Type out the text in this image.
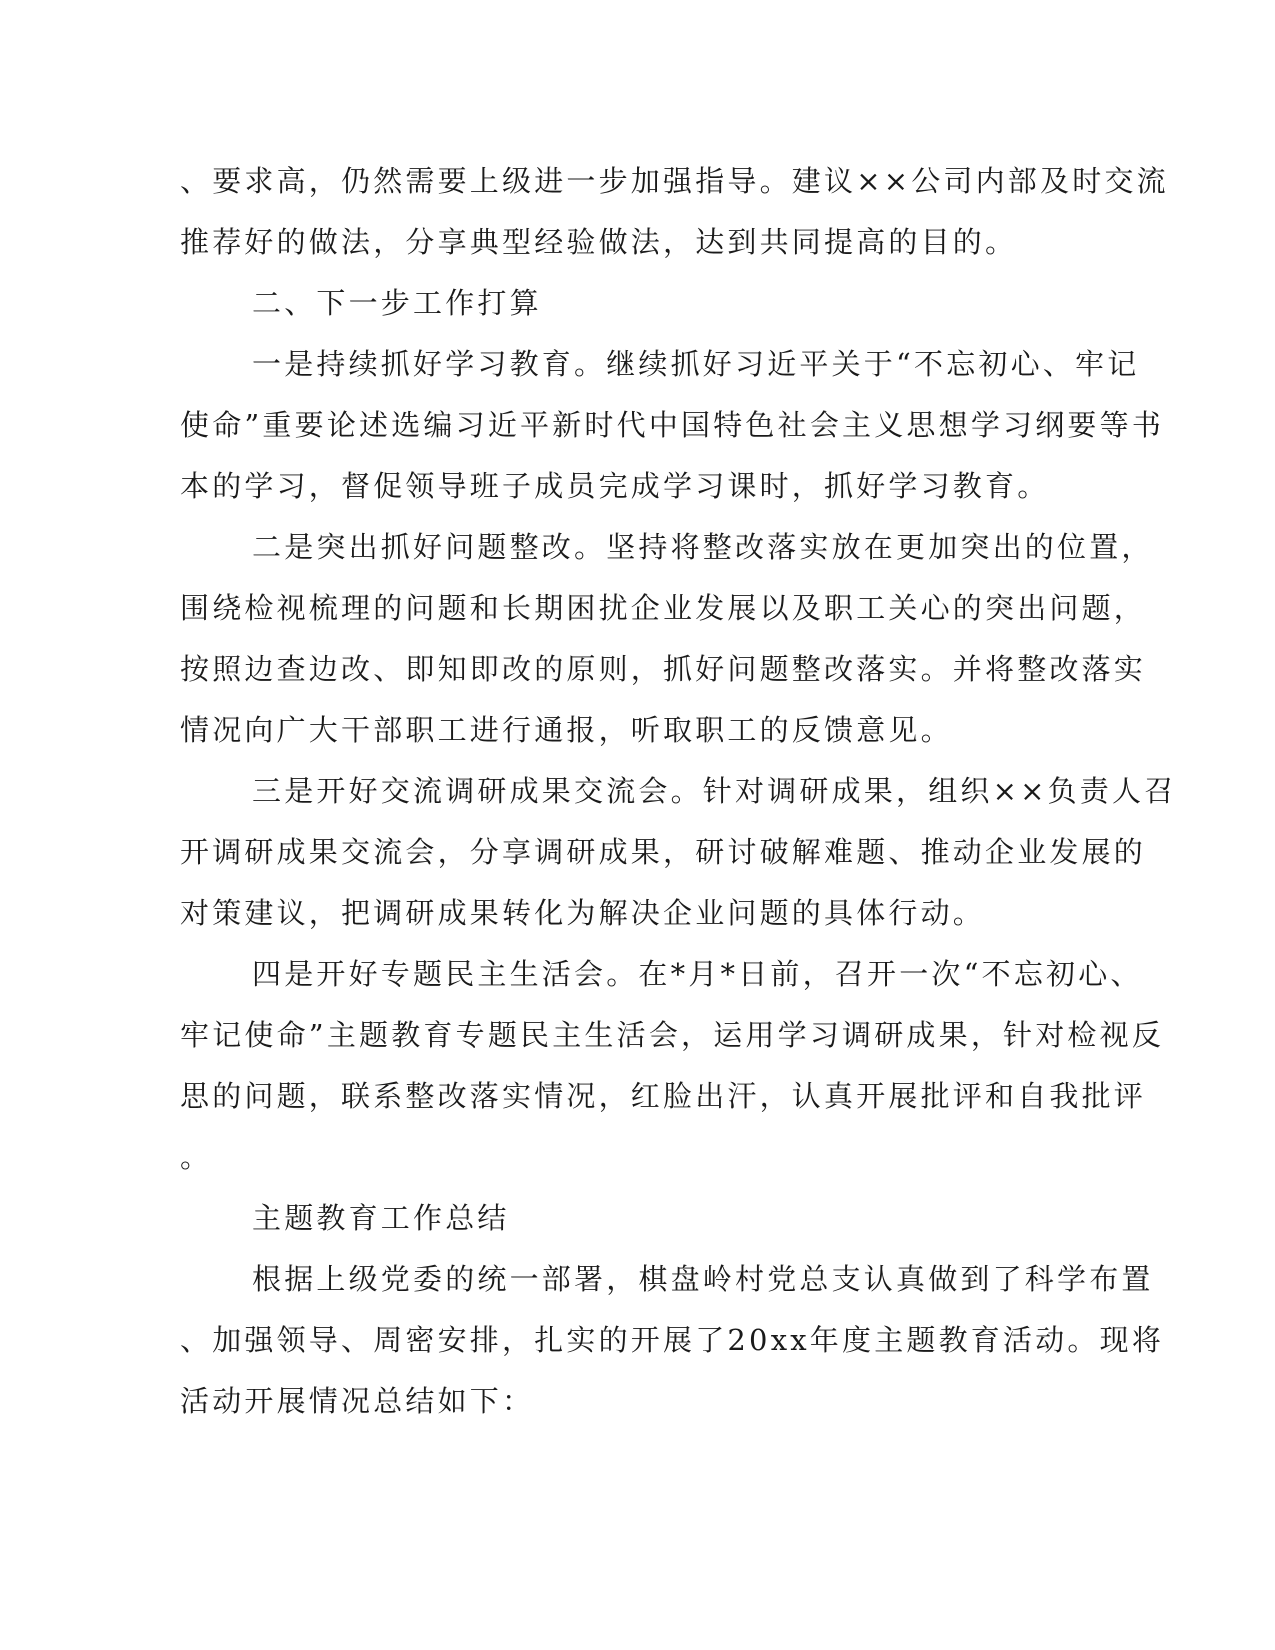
、要求高，仍然需要上级进一步加强指导。建议××公司内部及时交流
推荐好的做法，分享典型经验做法，达到共同提高的目的。
二、下一步工作打算
一是持续抓好学习教育。继续抓好习近平关于“不忘初心、牢记
使命”重要论述选编习近平新时代中国特色社会主义思想学习纲要等书
本的学习，督促领导班子成员完成学习课时，抓好学习教育。
二是突出抓好问题整改。坚持将整改落实放在更加突出的位置，
围绕检视梳理的问题和长期困扰企业发展以及职工关心的突出问题，
按照边查边改、即知即改的原则，抓好问题整改落实。并将整改落实
情况向广大干部职工进行通报，听取职工的反馈意见。
三是开好交流调研成果交流会。针对调研成果，组织××负责人召
开调研成果交流会，分享调研成果，研讨破解难题、推动企业发展的
对策建议，把调研成果转化为解决企业问题的具体行动。
四是开好专题民主生活会。在*月*日前，召开一次“不忘初心、
牢记使命”主题教育专题民主生活会，运用学习调研成果，针对检视反
思的问题，联系整改落实情况，红脸出汗，认真开展批评和自我批评
。
主题教育工作总结
根据上级党委的统一部署，棋盘岭村党总支认真做到了科学布置
、加强领导、周密安排，扎实的开展了20xx年度主题教育活动。现将
活动开展情况总结如下：
